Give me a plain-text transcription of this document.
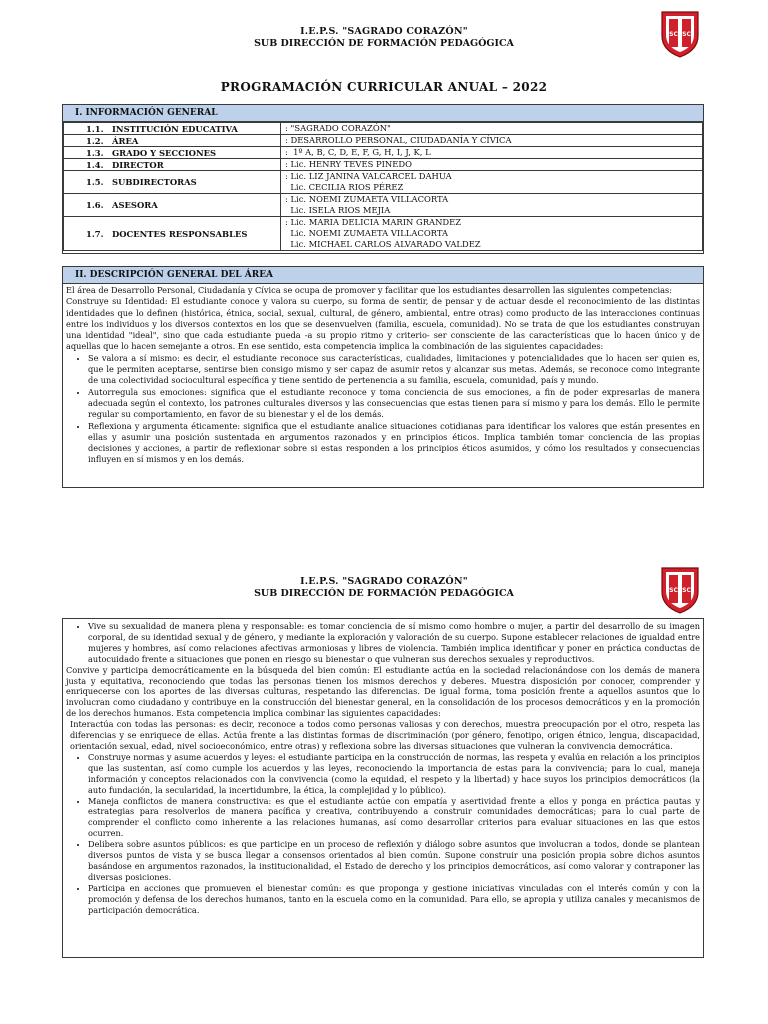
I.E.P.S. "SAGRADO CORAZÓN"
SUB DIRECCIÓN DE FORMACIÓN PEDAGÓGICA
SC SC
PROGRAMACIÓN CURRICULAR ANUAL – 2022
I. INFORMACIÓN GENERAL
1.1. INSTITUCIÓN EDUCATIVA	: "SAGRADO CORAZÓN"

1.2. ÁREA	: DESARROLLO PERSONAL, CIUDADANÍA Y CÍVICA

1.3. GRADO Y SECCIONES	:  1º A, B, C, D, E, F, G, H, I, J, K, L

1.4. DIRECTOR	: Lic. HENRY TEVES PINEDO

1.5. SUBDIRECTORAS	: Lic. LIZ JANINA VALCARCEL DAHUA
Lic. CECILIA RIOS PÉREZ

1.6. ASESORA	: Lic. NOEMI ZUMAETA VILLACORTA
Lic. ISELA RIOS MEJIA

1.7. DOCENTES RESPONSABLES	: Lic. MARIA DELICIA MARIN GRANDEZ
Lic. NOEMI ZUMAETA VILLACORTA
Lic. MICHAEL CARLOS ALVARADO VALDEZ
II. DESCRIPCIÓN GENERAL DEL ÁREA

El área de Desarrollo Personal, Ciudadanía y Cívica se ocupa de promover y facilitar que los estudiantes desarrollen las siguientes competencias:

Construye su Identidad: El estudiante conoce y valora su cuerpo, su forma de sentir, de pensar y de actuar desde el reconocimiento de las distintas identidades que lo definen (histórica, étnica, social, sexual, cultural, de género, ambiental, entre otras) como producto de las interacciones continuas entre los individuos y los diversos contextos en los que se desenvuelven (familia, escuela, comunidad). No se trata de que los estudiantes construyan una identidad "ideal", sino que cada estudiante pueda -a su propio ritmo y criterio- ser consciente de las características que lo hacen único y de aquellas que lo hacen semejante a otros. En ese sentido, esta competencia implica la combinación de las siguientes capacidades:

• Se valora a sí mismo: es decir, el estudiante reconoce sus características, cualidades, limitaciones y potencialidades que lo hacen ser quien es, que le permiten aceptarse, sentirse bien consigo mismo y ser capaz de asumir retos y alcanzar sus metas. Además, se reconoce como integrante de una colectividad sociocultural específica y tiene sentido de pertenencia a su familia, escuela, comunidad, país y mundo.
• Autorregula sus emociones: significa que el estudiante reconoce y toma conciencia de sus emociones, a fin de poder expresarlas de manera adecuada según el contexto, los patrones culturales diversos y las consecuencias que estas tienen para sí mismo y para los demás. Ello le permite regular su comportamiento, en favor de su bienestar y el de los demás.
• Reflexiona y argumenta éticamente: significa que el estudiante analice situaciones cotidianas para identificar los valores que están presentes en ellas y asumir una posición sustentada en argumentos razonados y en principios éticos. Implica también tomar conciencia de las propias decisiones y acciones, a partir de reflexionar sobre si estas responden a los principios éticos asumidos, y cómo los resultados y consecuencias influyen en sí mismos y en los demás.
I.E.P.S. "SAGRADO CORAZÓN"
SUB DIRECCIÓN DE FORMACIÓN PEDAGÓGICA	SC SC
• Vive su sexualidad de manera plena y responsable: es tomar conciencia de sí mismo como hombre o mujer, a partir del desarrollo de su imagen corporal, de su identidad sexual y de género, y mediante la exploración y valoración de su cuerpo. Supone establecer relaciones de igualdad entre mujeres y hombres, así como relaciones afectivas armoniosas y libres de violencia. También implica identificar y poner en práctica conductas de autocuidado frente a situaciones que ponen en riesgo su bienestar o que vulneran sus derechos sexuales y reproductivos.

Convive y participa democráticamente en la búsqueda del bien común: El estudiante actúa en la sociedad relacionándose con los demás de manera justa y equitativa, reconociendo que todas las personas tienen los mismos derechos y deberes. Muestra disposición por conocer, comprender y enriquecerse con los aportes de las diversas culturas, respetando las diferencias. De igual forma, toma posición frente a aquellos asuntos que lo involucran como ciudadano y contribuye en la construcción del bienestar general, en la consolidación de los procesos democráticos y en la promoción de los derechos humanos. Esta competencia implica combinar las siguientes capacidades:

Interactúa con todas las personas: es decir, reconoce a todos como personas valiosas y con derechos, muestra preocupación por el otro, respeta las diferencias y se enriquece de ellas. Actúa frente a las distintas formas de discriminación (por género, fenotipo, origen étnico, lengua, discapacidad, orientación sexual, edad, nivel socioeconómico, entre otras) y reflexiona sobre las diversas situaciones que vulneran la convivencia democrática.

• Construye normas y asume acuerdos y leyes: el estudiante participa en la construcción de normas, las respeta y evalúa en relación a los principios que las sustentan, así como cumple los acuerdos y las leyes, reconociendo la importancia de estas para la convivencia; para lo cual, maneja información y conceptos relacionados con la convivencia (como la equidad, el respeto y la libertad) y hace suyos los principios democráticos (la auto fundación, la secularidad, la incertidumbre, la ética, la complejidad y lo público).
• Maneja conflictos de manera constructiva: es que el estudiante actúe con empatía y asertividad frente a ellos y ponga en práctica pautas y estrategias para resolverlos de manera pacífica y creativa, contribuyendo a construir comunidades democráticas; para lo cual parte de comprender el conflicto como inherente a las relaciones humanas, así como desarrollar criterios para evaluar situaciones en las que estos ocurren.
• Delibera sobre asuntos públicos: es que participe en un proceso de reflexión y diálogo sobre asuntos que involucran a todos, donde se plantean diversos puntos de vista y se busca llegar a consensos orientados al bien común. Supone construir una posición propia sobre dichos asuntos basándose en argumentos razonados, la institucionalidad, el Estado de derecho y los principios democráticos, así como valorar y contraponer las diversas posiciones.
• Participa en acciones que promueven el bienestar común: es que proponga y gestione iniciativas vinculadas con el interés común y con la promoción y defensa de los derechos humanos, tanto en la escuela como en la comunidad. Para ello, se apropia y utiliza canales y mecanismos de participación democrática.
